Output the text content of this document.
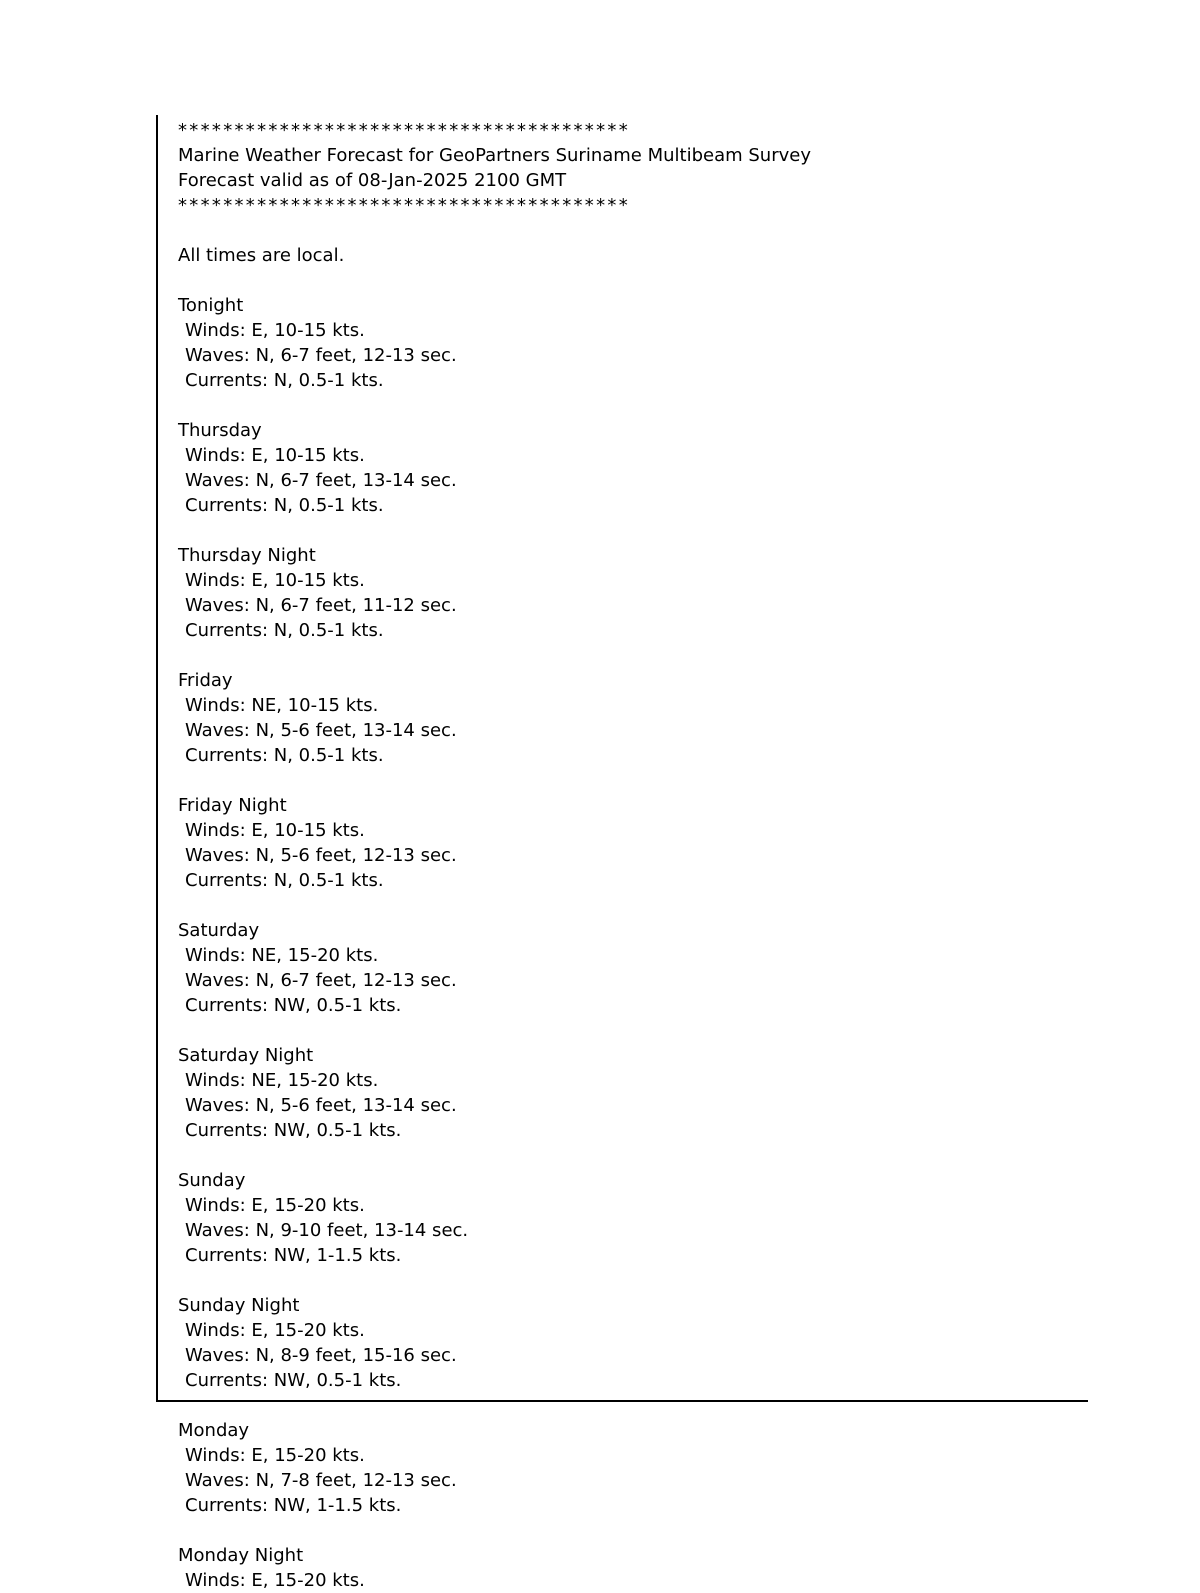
****************************************
Marine Weather Forecast for GeoPartners Suriname Multibeam Survey
Forecast valid as of 08-Jan-2025 2100 GMT
****************************************
All times are local.
Tonight
Winds: E, 10-15 kts.
Waves: N, 6-7 feet, 12-13 sec.
Currents: N, 0.5-1 kts.
Thursday
Winds: E, 10-15 kts.
Waves: N, 6-7 feet, 13-14 sec.
Currents: N, 0.5-1 kts.
Thursday Night
Winds: E, 10-15 kts.
Waves: N, 6-7 feet, 11-12 sec.
Currents: N, 0.5-1 kts.
Friday
Winds: NE, 10-15 kts.
Waves: N, 5-6 feet, 13-14 sec.
Currents: N, 0.5-1 kts.
Friday Night
Winds: E, 10-15 kts.
Waves: N, 5-6 feet, 12-13 sec.
Currents: N, 0.5-1 kts.
Saturday
Winds: NE, 15-20 kts.
Waves: N, 6-7 feet, 12-13 sec.
Currents: NW, 0.5-1 kts.
Saturday Night
Winds: NE, 15-20 kts.
Waves: N, 5-6 feet, 13-14 sec.
Currents: NW, 0.5-1 kts.
Sunday
Winds: E, 15-20 kts.
Waves: N, 9-10 feet, 13-14 sec.
Currents: NW, 1-1.5 kts.
Sunday Night
Winds: E, 15-20 kts.
Waves: N, 8-9 feet, 15-16 sec.
Currents: NW, 0.5-1 kts.
Monday
Winds: E, 15-20 kts.
Waves: N, 7-8 feet, 12-13 sec.
Currents: NW, 1-1.5 kts.
Monday Night
Winds: E, 15-20 kts.
